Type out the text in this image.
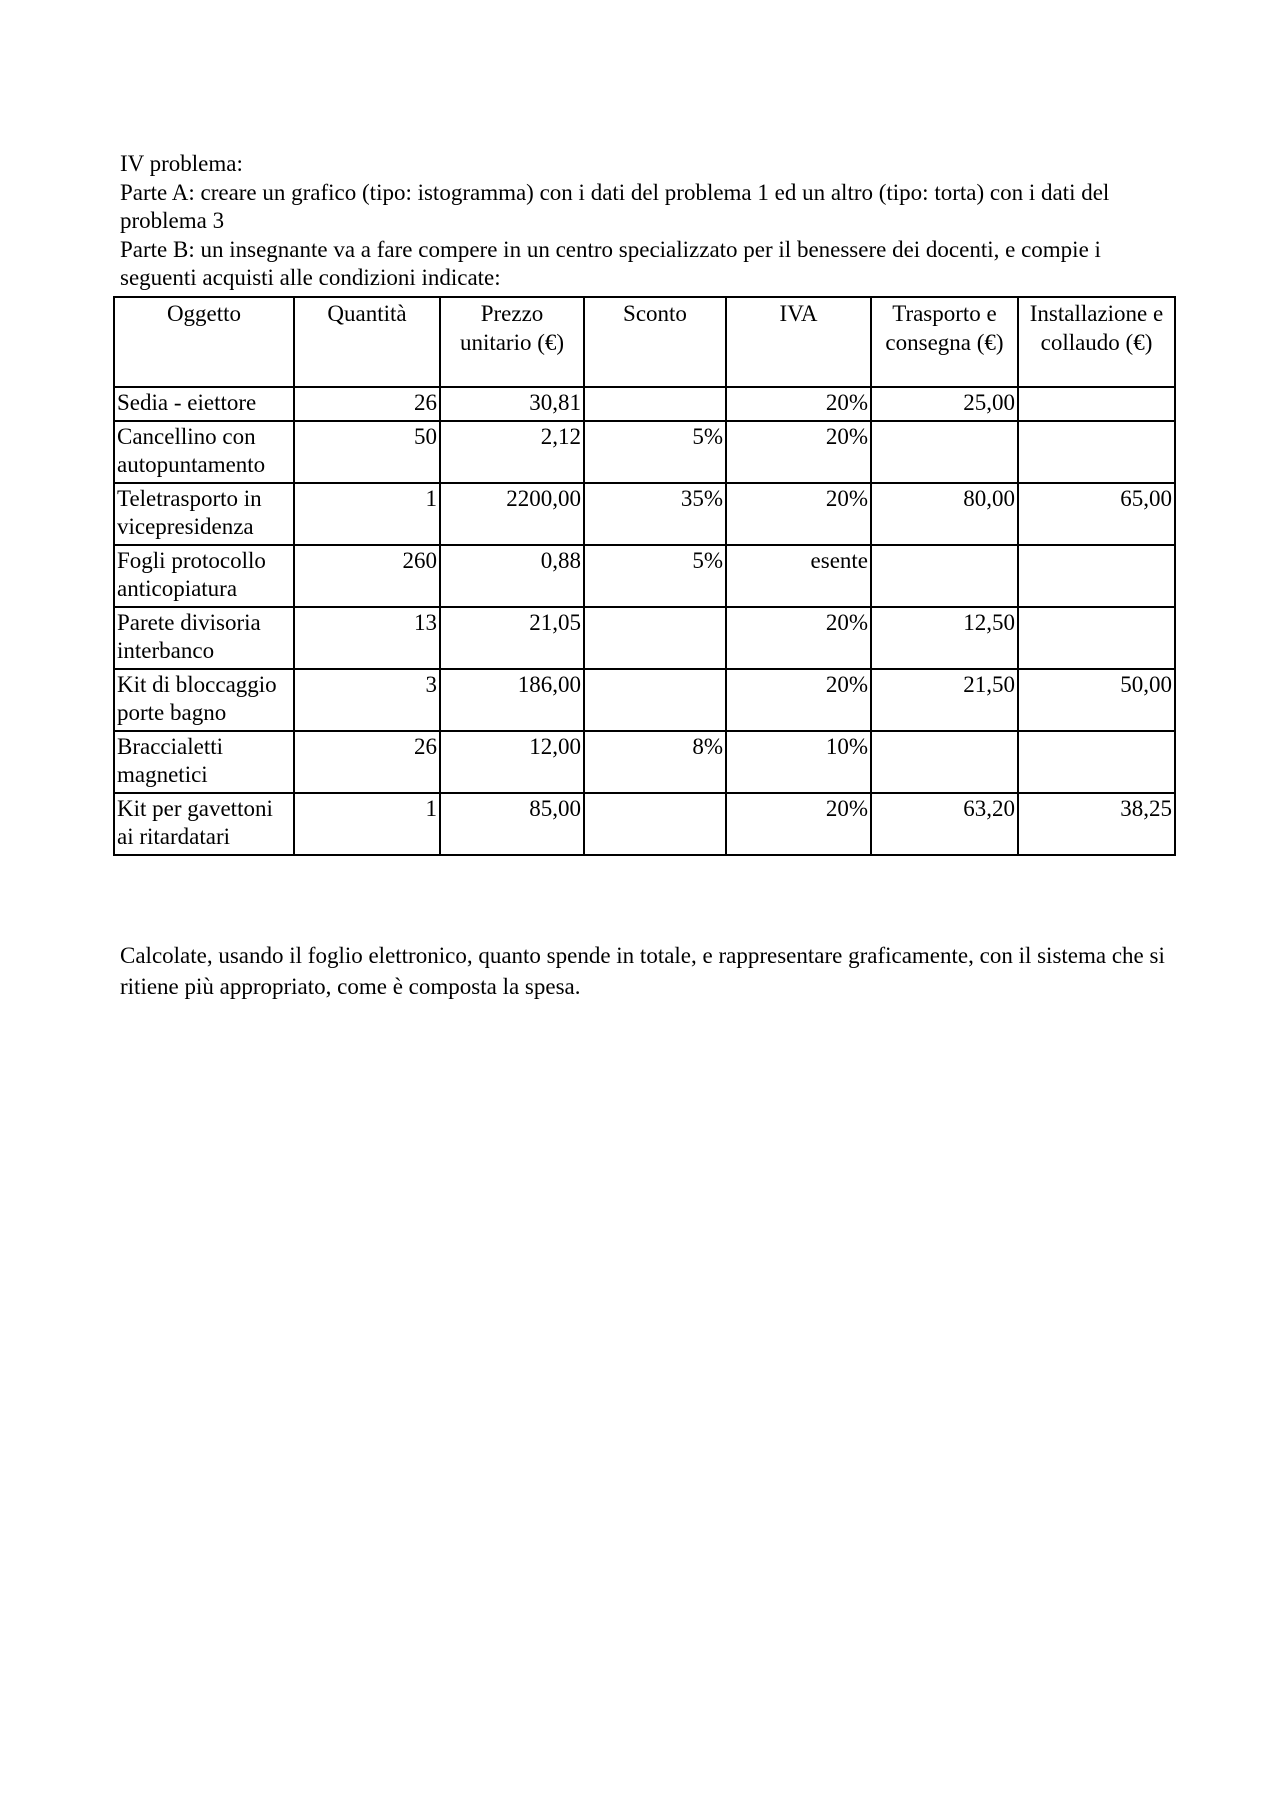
IV problema:

Parte A: creare un grafico (tipo: istogramma) con i dati del problema 1 ed un altro (tipo: torta) con i dati del problema 3

Parte B: un insegnante va a fare compere in un centro specializzato per il benessere dei docenti, e compie i seguenti acquisti alle condizioni indicate:

Oggetto	Quantità	Prezzo unitario (€)	Sconto	IVA	Trasporto e consegna (€)	Installazione e collaudo (€)
Sedia - eiettore	26	30,81		20%	25,00	
Cancellino con autopuntamento	50	2,12	5%	20%		
Teletrasporto in vicepresidenza	1	2200,00	35%	20%	80,00	65,00
Fogli protocollo anticopiatura	260	0,88	5%	esente		
Parete divisoria interbanco	13	21,05		20%	12,50	
Kit di bloccaggio porte bagno	3	186,00		20%	21,50	50,00
Braccialetti magnetici	26	12,00	8%	10%		
Kit per gavettoni ai ritardatari	1	85,00		20%	63,20	38,25

Calcolate, usando il foglio elettronico, quanto spende in totale, e rappresentare graficamente, con il sistema che si ritiene più appropriato, come è composta la spesa.
